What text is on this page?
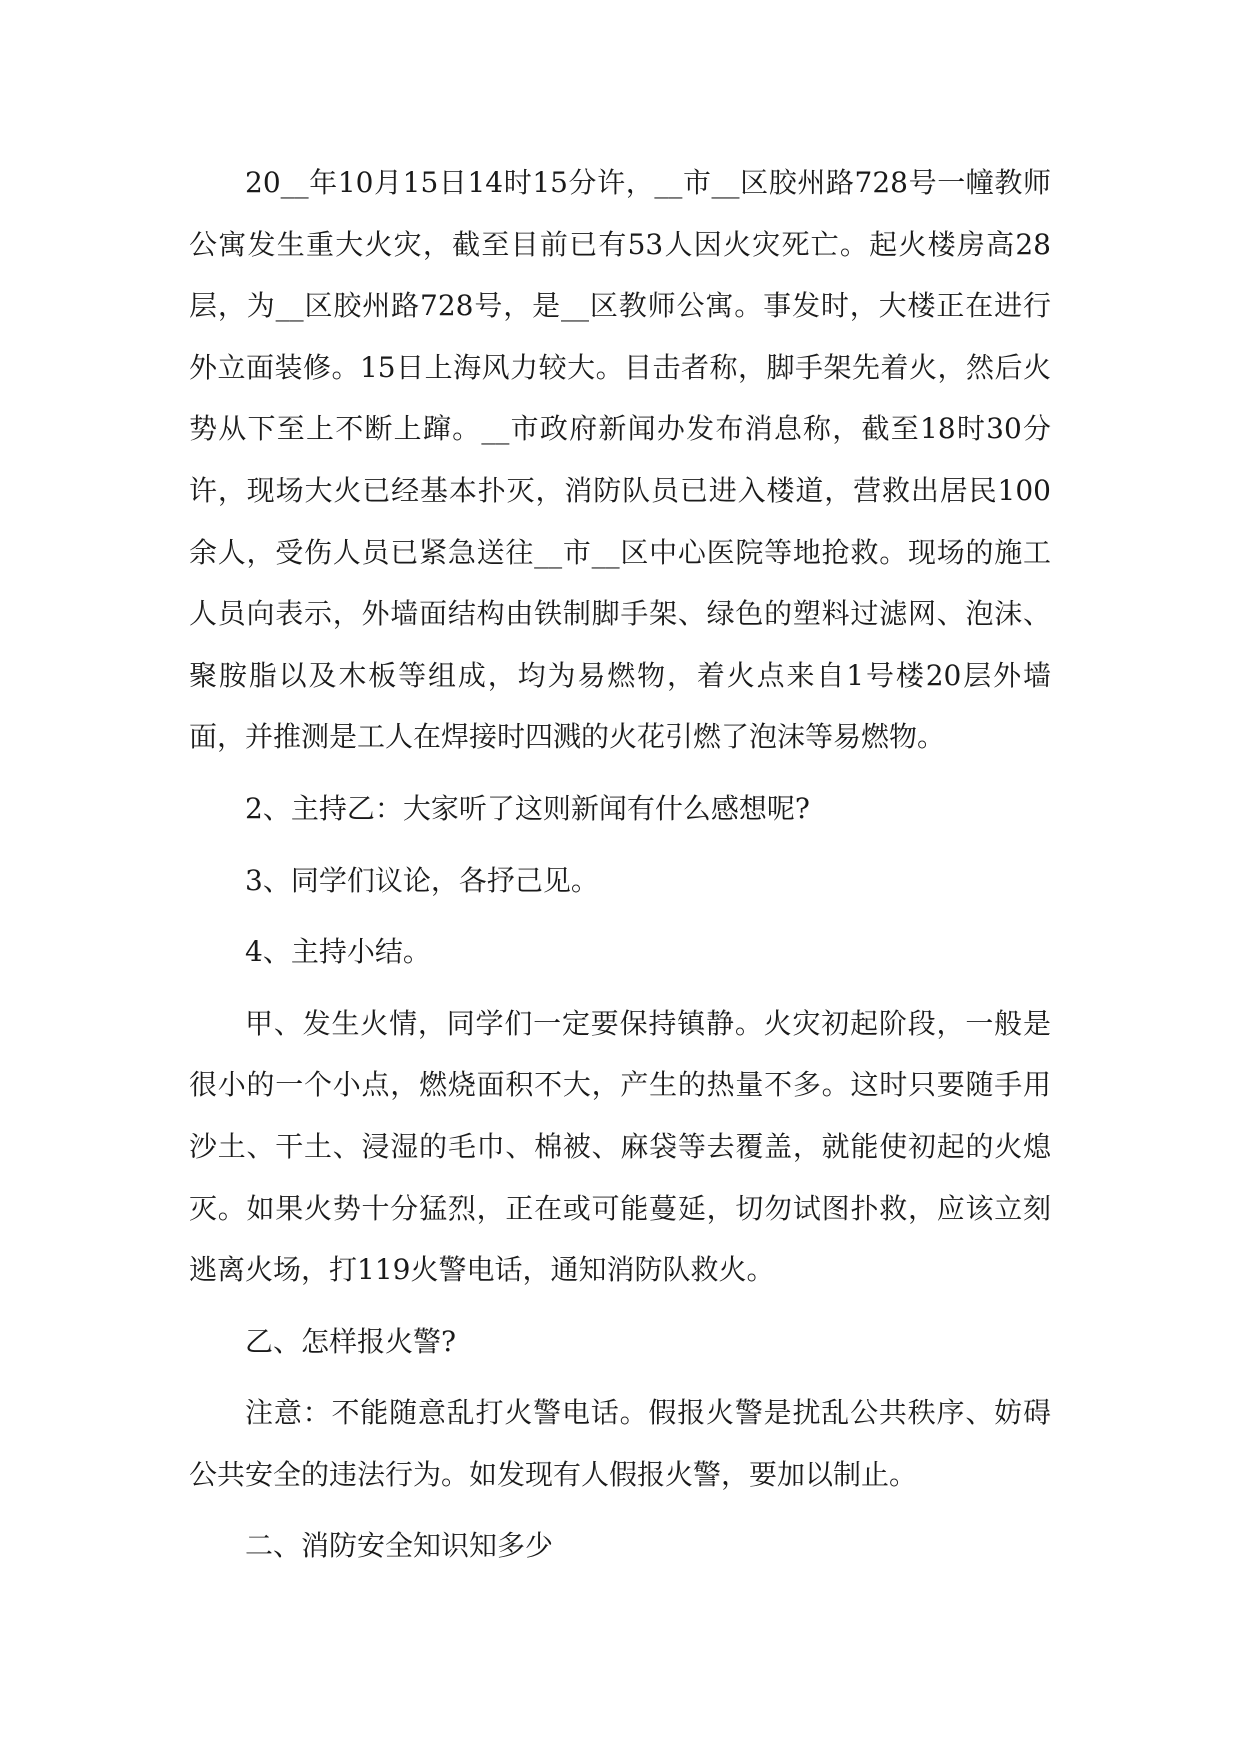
20__年10月15日14时15分许，__市__区胶州路728号一幢教师公寓发生重大火灾，截至目前已有53人因火灾死亡。起火楼房高28层，为__区胶州路728号，是__区教师公寓。事发时，大楼正在进行外立面装修。15日上海风力较大。目击者称，脚手架先着火，然后火势从下至上不断上蹿。__市政府新闻办发布消息称，截至18时30分许，现场大火已经基本扑灭，消防队员已进入楼道，营救出居民100余人，受伤人员已紧急送往__市__区中心医院等地抢救。现场的施工人员向表示，外墙面结构由铁制脚手架、绿色的塑料过滤网、泡沫、聚胺脂以及木板等组成，均为易燃物，着火点来自1号楼20层外墙面，并推测是工人在焊接时四溅的火花引燃了泡沫等易燃物。

2、主持乙：大家听了这则新闻有什么感想呢?

3、同学们议论，各抒己见。

4、主持小结。

甲、发生火情，同学们一定要保持镇静。火灾初起阶段，一般是很小的一个小点，燃烧面积不大，产生的热量不多。这时只要随手用沙土、干土、浸湿的毛巾、棉被、麻袋等去覆盖，就能使初起的火熄灭。如果火势十分猛烈，正在或可能蔓延，切勿试图扑救，应该立刻逃离火场，打119火警电话，通知消防队救火。

乙、怎样报火警?

注意：不能随意乱打火警电话。假报火警是扰乱公共秩序、妨碍公共安全的违法行为。如发现有人假报火警，要加以制止。

二、消防安全知识知多少
